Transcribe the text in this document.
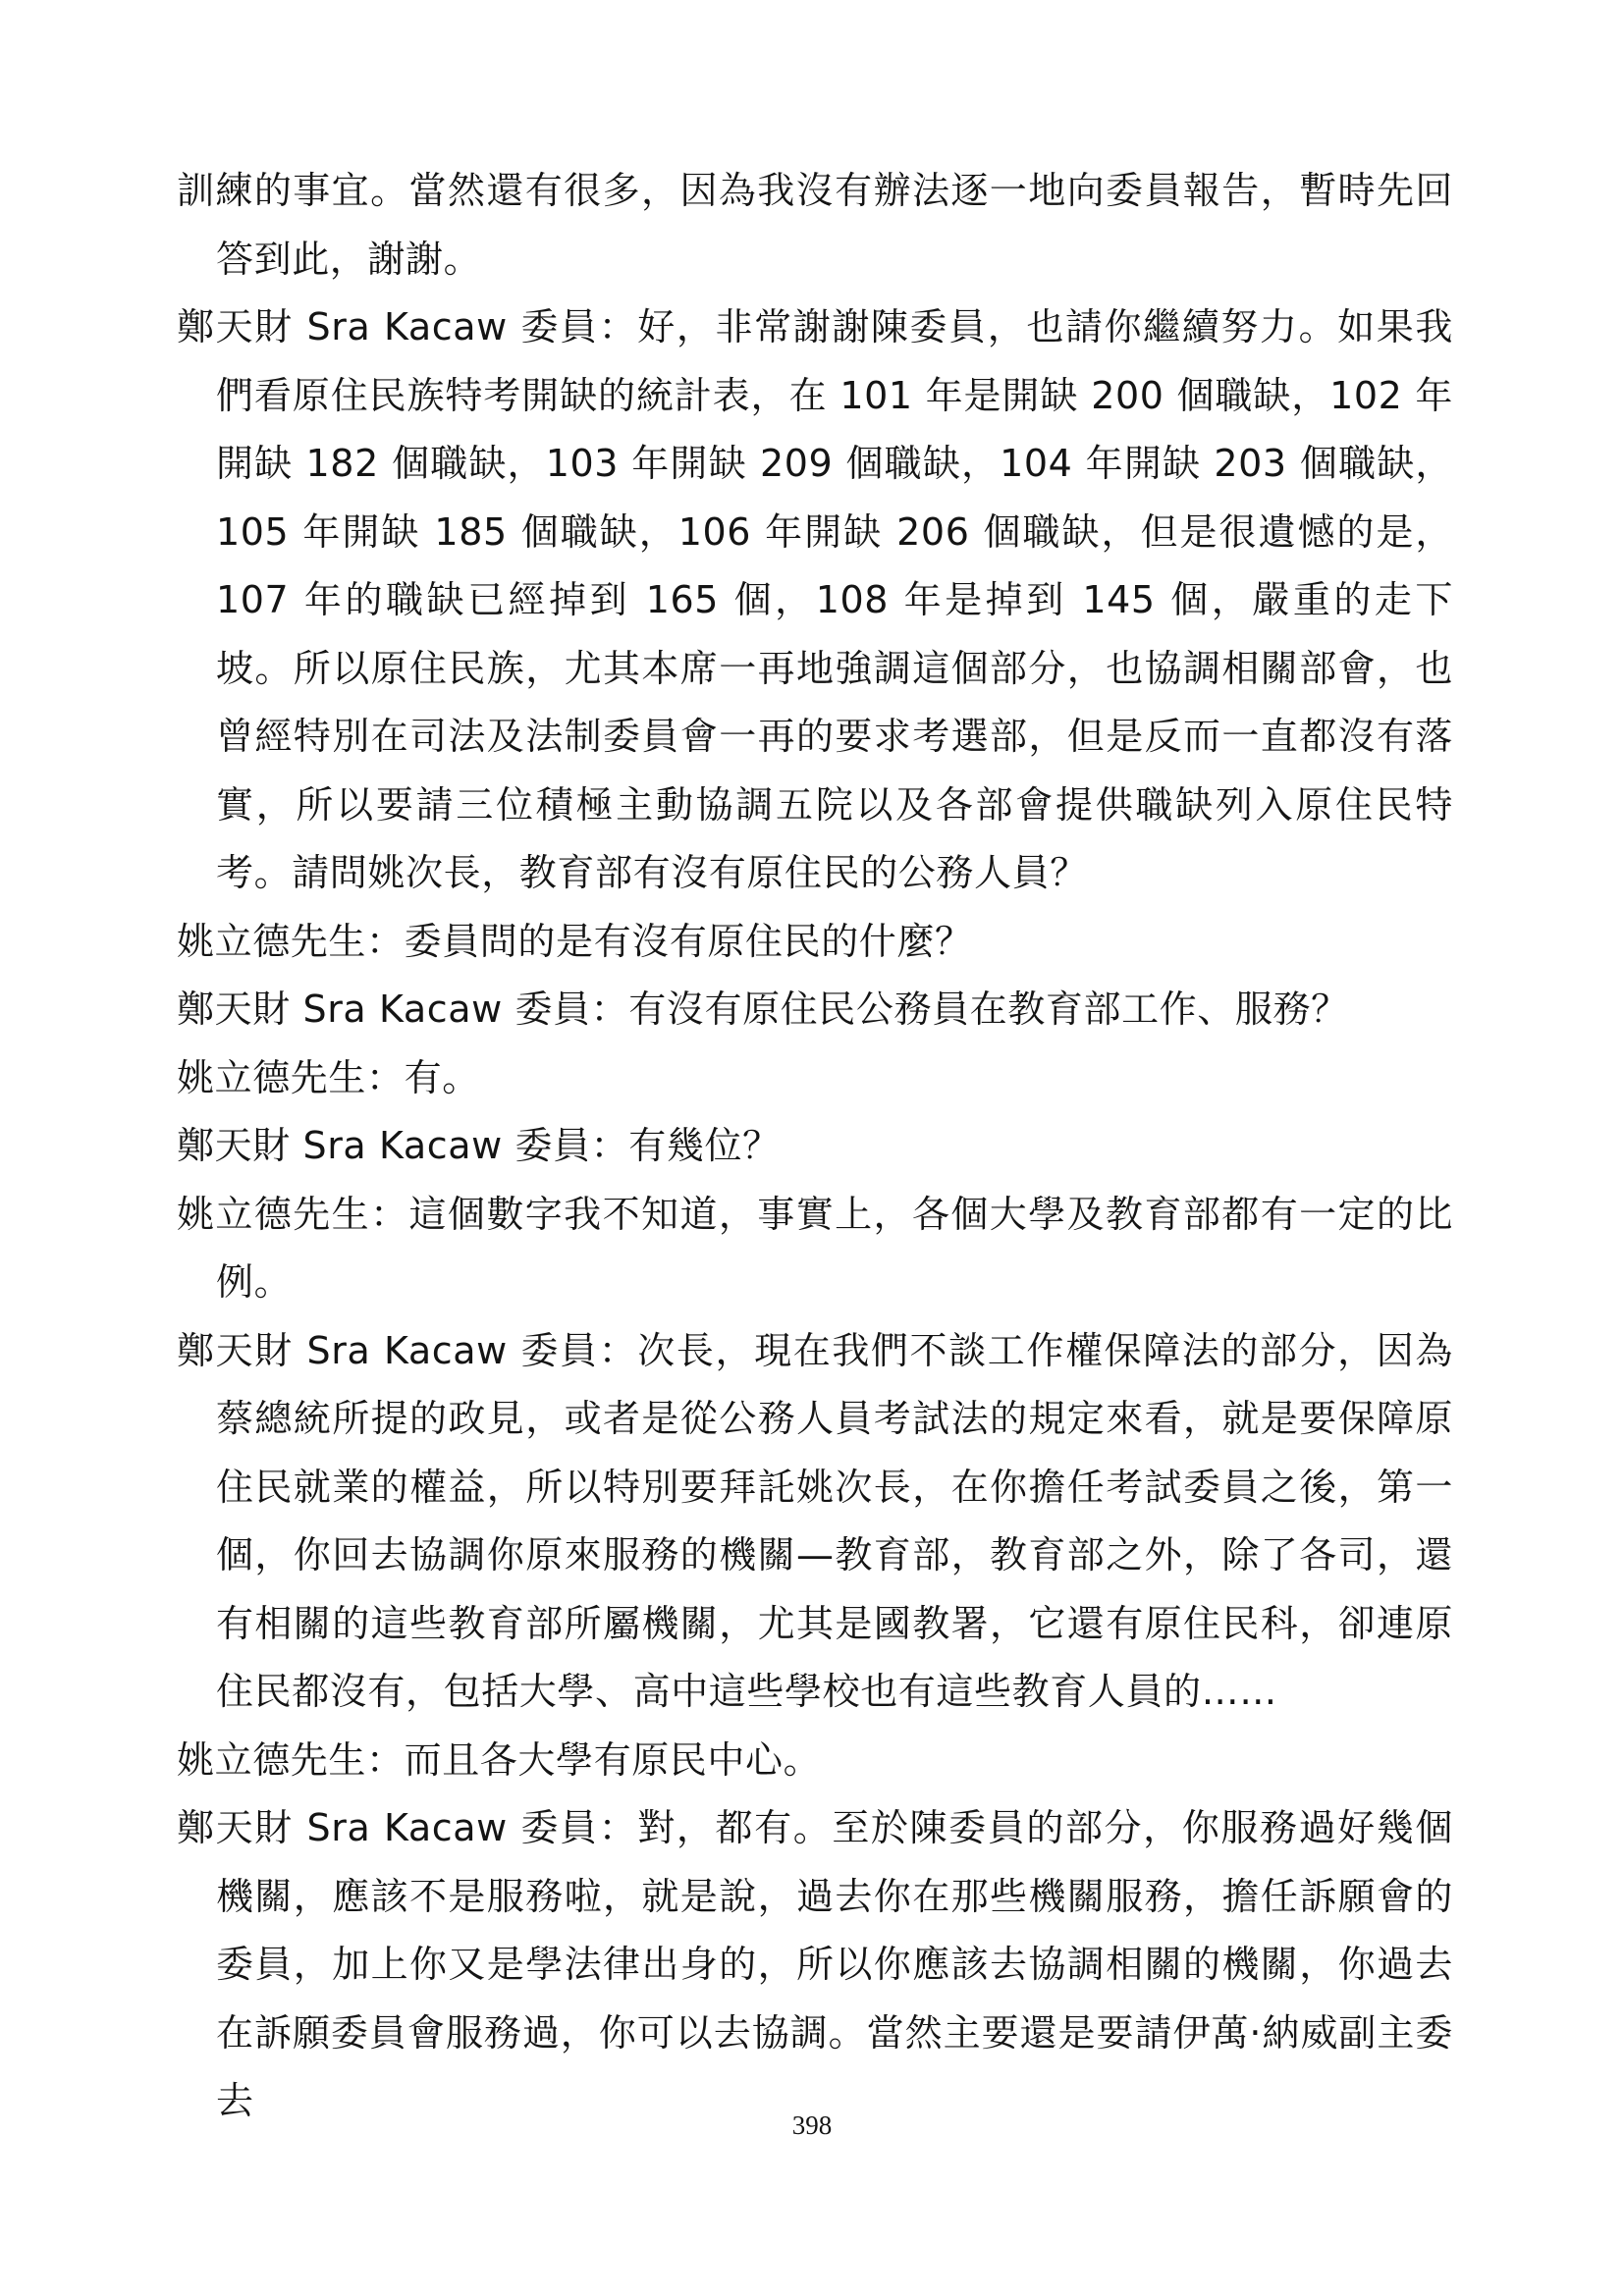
訓練的事宜。當然還有很多，因為我沒有辦法逐一地向委員報告，暫時先回答到此，謝謝。

鄭天財 Sra Kacaw 委員：好，非常謝謝陳委員，也請你繼續努力。如果我們看原住民族特考開缺的統計表，在 101 年是開缺 200 個職缺，102 年開缺 182 個職缺，103 年開缺 209 個職缺，104 年開缺 203 個職缺，105 年開缺 185 個職缺，106 年開缺 206 個職缺，但是很遺憾的是，107 年的職缺已經掉到 165 個，108 年是掉到 145 個，嚴重的走下坡。所以原住民族，尤其本席一再地強調這個部分，也協調相關部會，也曾經特別在司法及法制委員會一再的要求考選部，但是反而一直都沒有落實，所以要請三位積極主動協調五院以及各部會提供職缺列入原住民特考。請問姚次長，教育部有沒有原住民的公務人員？

姚立德先生：委員問的是有沒有原住民的什麼？

鄭天財 Sra Kacaw 委員：有沒有原住民公務員在教育部工作、服務？

姚立德先生：有。

鄭天財 Sra Kacaw 委員：有幾位？

姚立德先生：這個數字我不知道，事實上，各個大學及教育部都有一定的比例。

鄭天財 Sra Kacaw 委員：次長，現在我們不談工作權保障法的部分，因為蔡總統所提的政見，或者是從公務人員考試法的規定來看，就是要保障原住民就業的權益，所以特別要拜託姚次長，在你擔任考試委員之後，第一個，你回去協調你原來服務的機關—教育部，教育部之外，除了各司，還有相關的這些教育部所屬機關，尤其是國教署，它還有原住民科，卻連原住民都沒有，包括大學、高中這些學校也有這些教育人員的……

姚立德先生：而且各大學有原民中心。

鄭天財 Sra Kacaw 委員：對，都有。至於陳委員的部分，你服務過好幾個機關，應該不是服務啦，就是說，過去你在那些機關服務，擔任訴願會的委員，加上你又是學法律出身的，所以你應該去協調相關的機關，你過去在訴願委員會服務過，你可以去協調。當然主要還是要請伊萬·納威副主委去

398
